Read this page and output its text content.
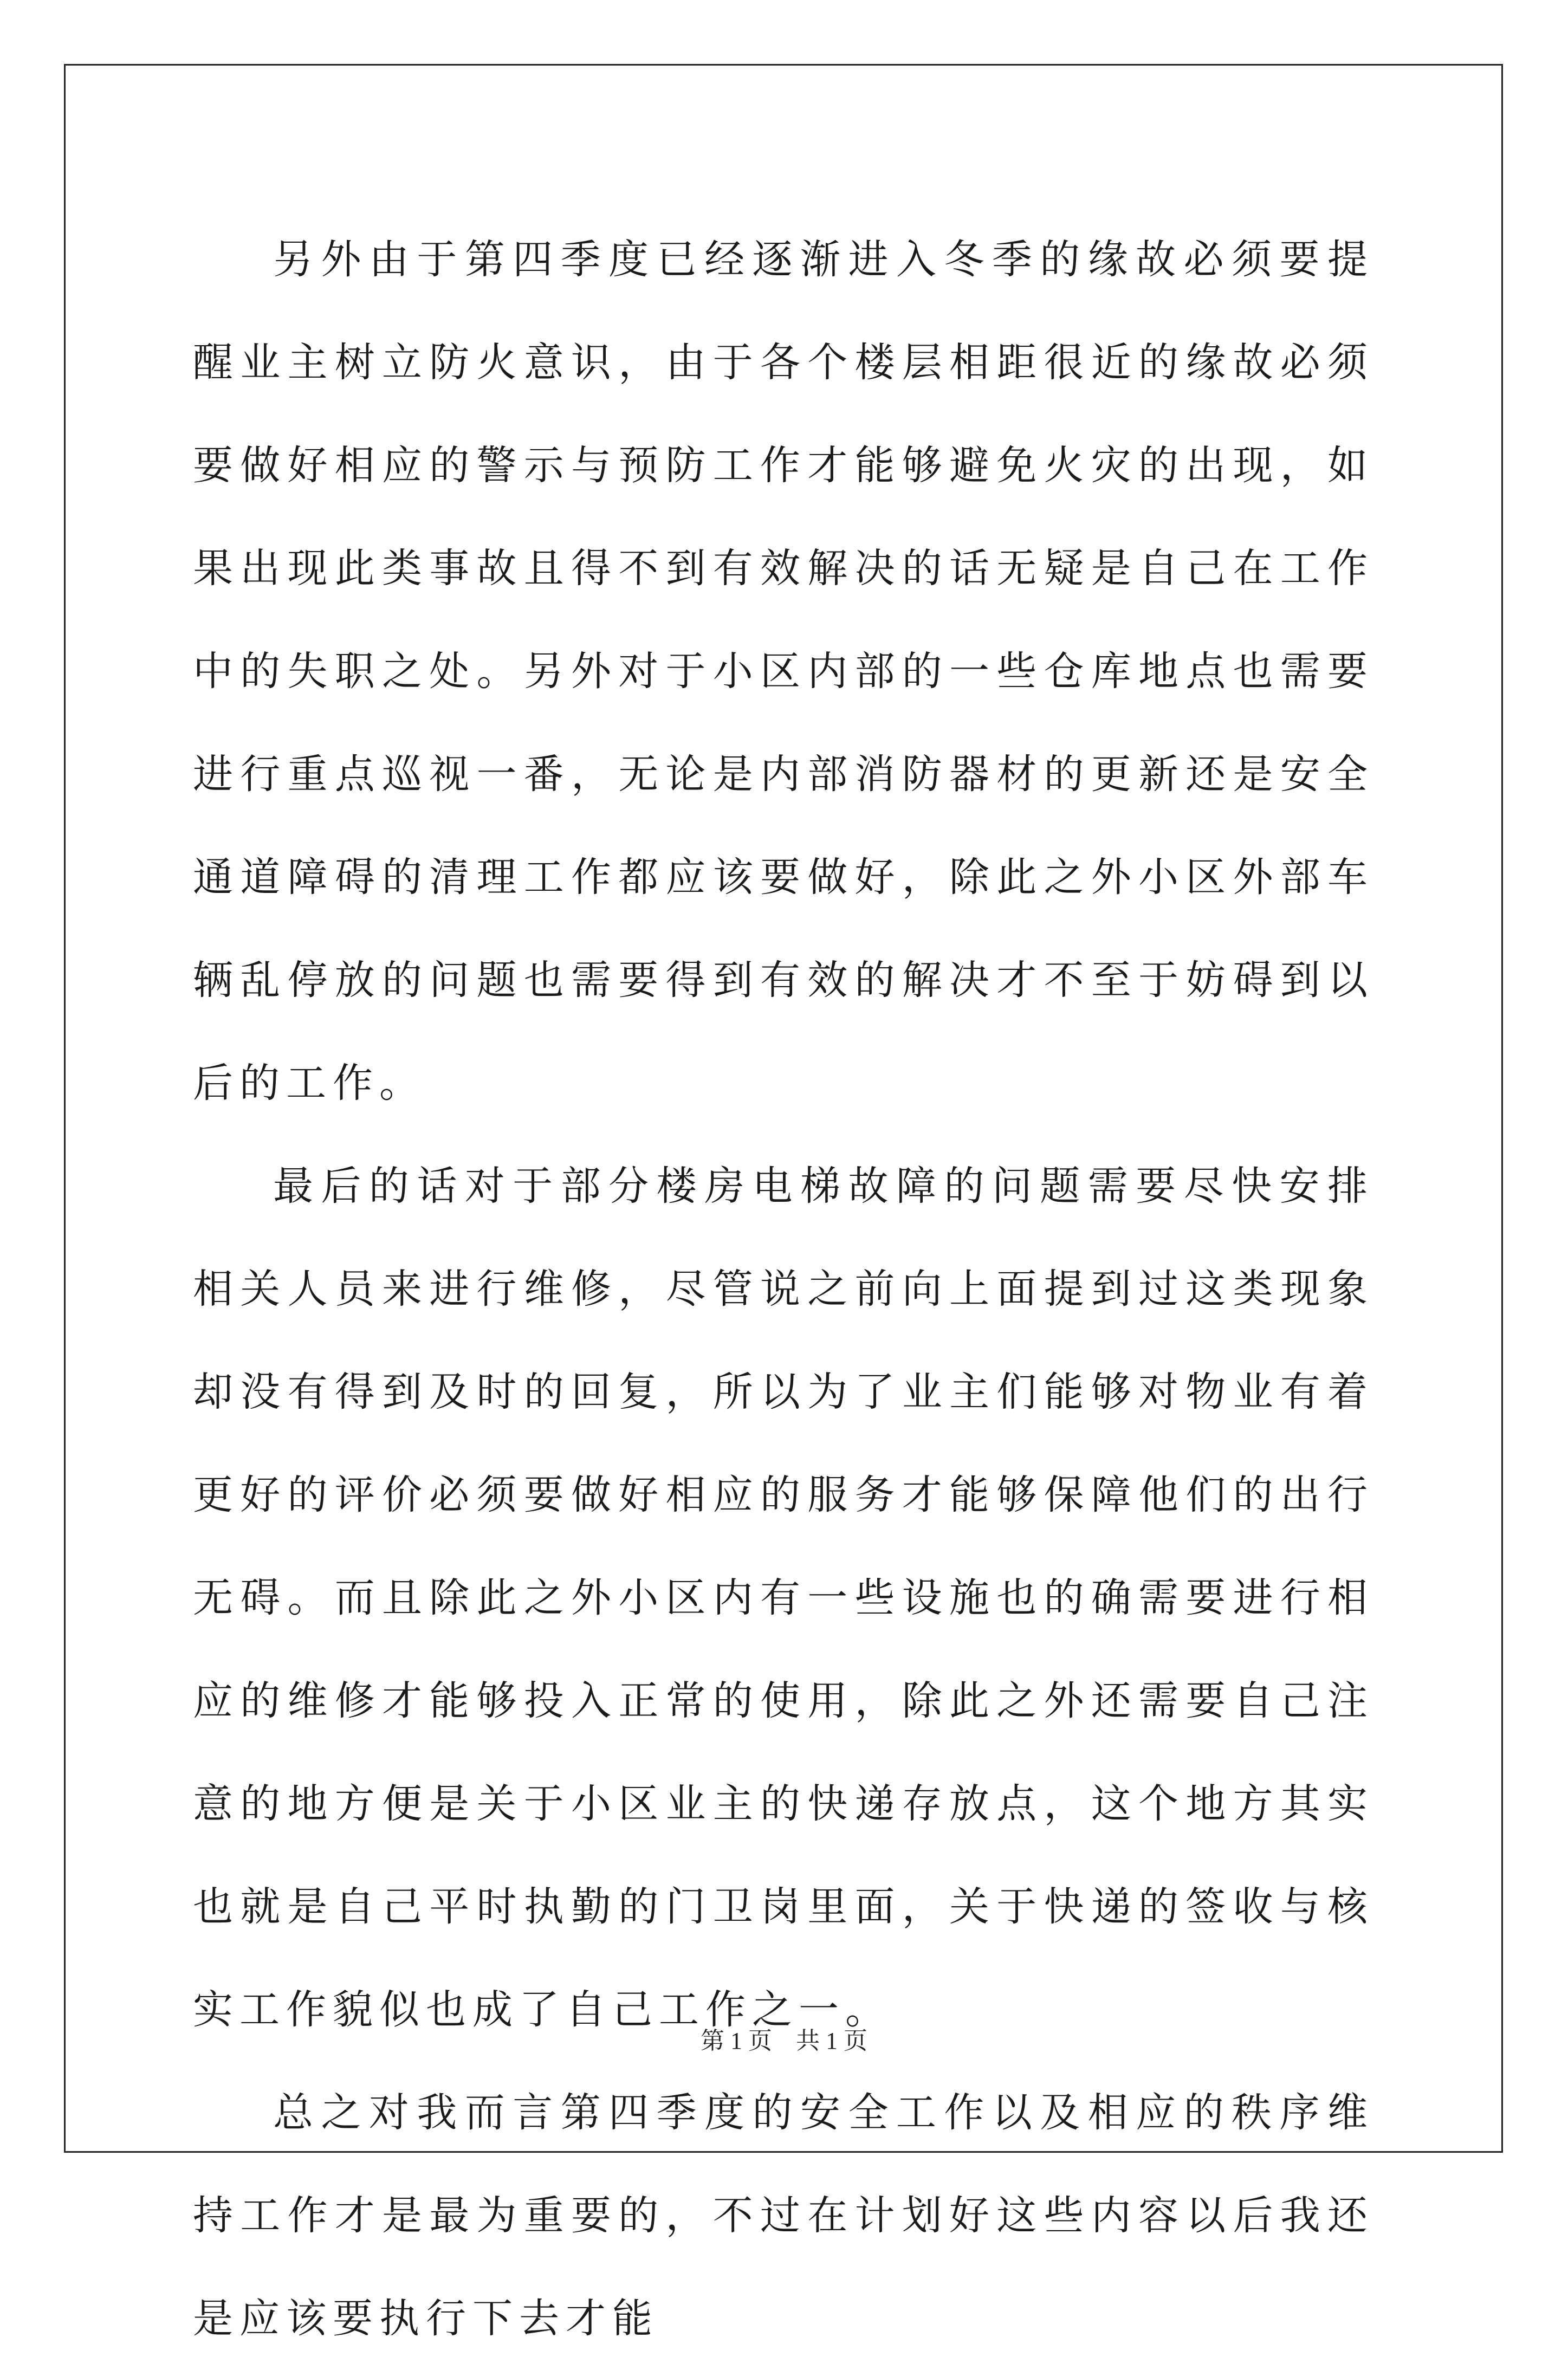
另外由于第四季度已经逐渐进入冬季的缘故必须要提醒业主树立防火意识，由于各个楼层相距很近的缘故必须要做好相应的警示与预防工作才能够避免火灾的出现，如果出现此类事故且得不到有效解决的话无疑是自己在工作中的失职之处。另外对于小区内部的一些仓库地点也需要进行重点巡视一番，无论是内部消防器材的更新还是安全通道障碍的清理工作都应该要做好，除此之外小区外部车辆乱停放的问题也需要得到有效的解决才不至于妨碍到以后的工作。

最后的话对于部分楼房电梯故障的问题需要尽快安排相关人员来进行维修，尽管说之前向上面提到过这类现象却没有得到及时的回复，所以为了业主们能够对物业有着更好的评价必须要做好相应的服务才能够保障他们的出行无碍。而且除此之外小区内有一些设施也的确需要进行相应的维修才能够投入正常的使用，除此之外还需要自己注意的地方便是关于小区业主的快递存放点，这个地方其实也就是自己平时执勤的门卫岗里面，关于快递的签收与核实工作貌似也成了自己工作之一。

总之对我而言第四季度的安全工作以及相应的秩序维持工作才是最为重要的，不过在计划好这些内容以后我还是应该要执行下去才能

第 1 页    共 1 页
